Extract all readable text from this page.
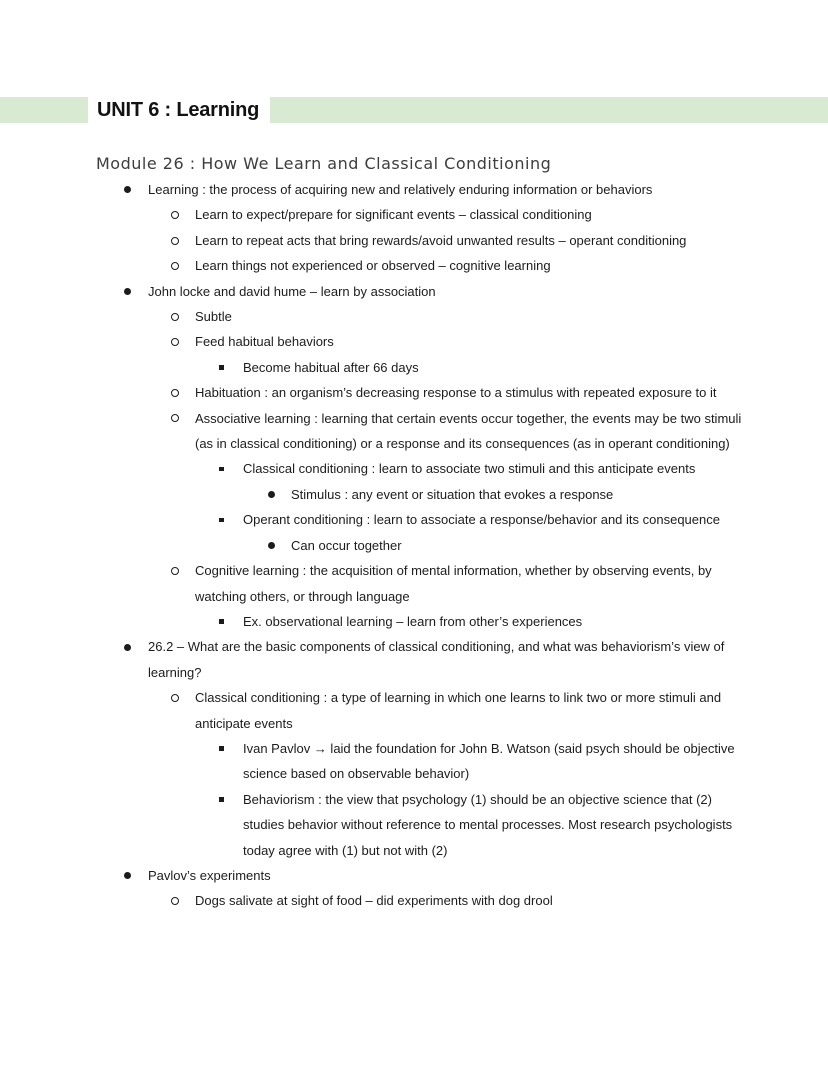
UNIT 6 : Learning
Module 26 : How We Learn and Classical Conditioning
Learning : the process of acquiring new and relatively enduring information or behaviors
Learn to expect/prepare for significant events – classical conditioning
Learn to repeat acts that bring rewards/avoid unwanted results – operant conditioning
Learn things not experienced or observed – cognitive learning
John locke and david hume – learn by association
Subtle
Feed habitual behaviors
Become habitual after 66 days
Habituation : an organism’s decreasing response to a stimulus with repeated exposure to it
Associative learning : learning that certain events occur together, the events may be two stimuli (as in classical conditioning) or a response and its consequences (as in operant conditioning)
Classical conditioning : learn to associate two stimuli and this anticipate events
Stimulus : any event or situation that evokes a response
Operant conditioning : learn to associate a response/behavior and its consequence
Can occur together
Cognitive learning : the acquisition of mental information, whether by observing events, by watching others, or through language
Ex. observational learning – learn from other’s experiences
26.2 – What are the basic components of classical conditioning, and what was behaviorism’s view of learning?
Classical conditioning : a type of learning in which one learns to link two or more stimuli and anticipate events
Ivan Pavlov → laid the foundation for John B. Watson (said psych should be objective science based on observable behavior)
Behaviorism : the view that psychology (1) should be an objective science that (2) studies behavior without reference to mental processes. Most research psychologists today agree with (1) but not with (2)
Pavlov’s experiments
Dogs salivate at sight of food – did experiments with dog drool
